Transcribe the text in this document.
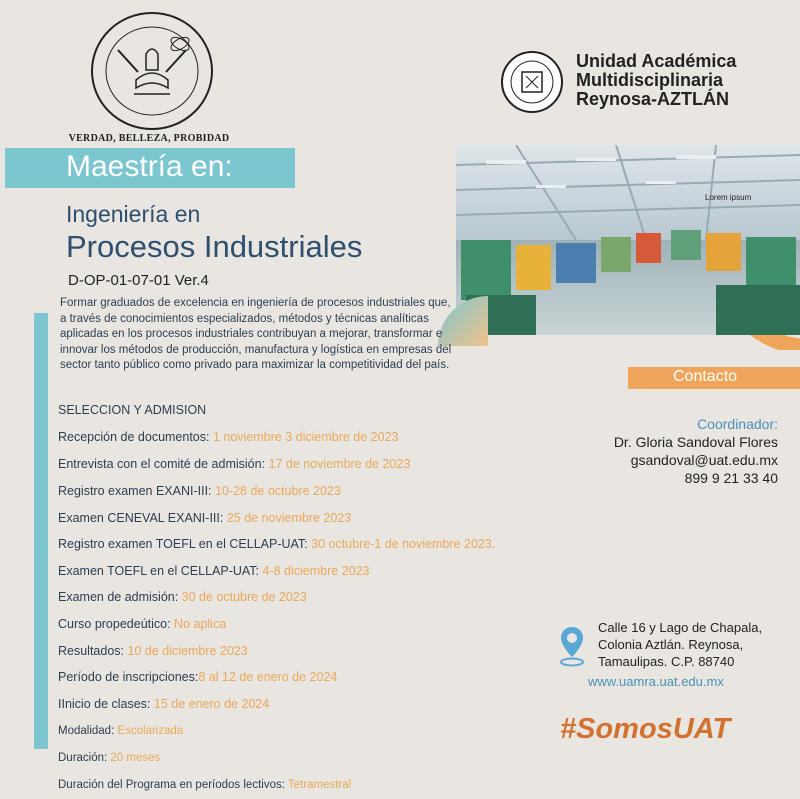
VERDAD, BELLEZA, PROBIDAD
Unidad Académica
Multidisciplinaria
Reynosa-AZTLÁN
Lorem ipsum
Maestría en:
Ingeniería en
Procesos Industriales
D-OP-01-07-01 Ver.4
Formar graduados de excelencia en ingeniería de procesos industriales que, a través de conocimientos especializados, métodos y técnicas analíticas aplicadas en los procesos industriales contribuyan a mejorar, transformar e innovar los métodos de producción, manufactura y logística en empresas del sector tanto público como privado para maximizar la competitividad del país.
SELECCION Y ADMISION
Recepción de documentos: 1 noviembre 3 diciembre de 2023
Entrevista con el comité de admisión: 17 de noviembre de 2023
Registro examen EXANI-III: 10-28 de octubre 2023
Examen CENEVAL EXANI-III: 25 de noviembre 2023
Registro examen TOEFL en el CELLAP-UAT: 30 octubre-1 de noviembre 2023.
Examen TOEFL en el CELLAP-UAT: 4-8 diciembre 2023
Examen de admisión: 30 de octubre de 2023
Curso propedeútico: No aplica
Resultados: 10 de diciembre 2023
Período de inscripciones:8 al 12 de enero de 2024
IInicio de clases: 15 de enero de 2024
Modalidad: Escolarizada
Duración: 20 meses
Duración del Programa en períodos lectivos: Tetramestral
Contacto
Coordinador:
Dr. Gloria Sandoval Flores
gsandoval@uat.edu.mx
899 9 21 33 40
Calle 16 y Lago de Chapala,
Colonia Aztlán. Reynosa,
Tamaulipas. C.P. 88740
www.uamra.uat.edu.mx
#SomosUAT
